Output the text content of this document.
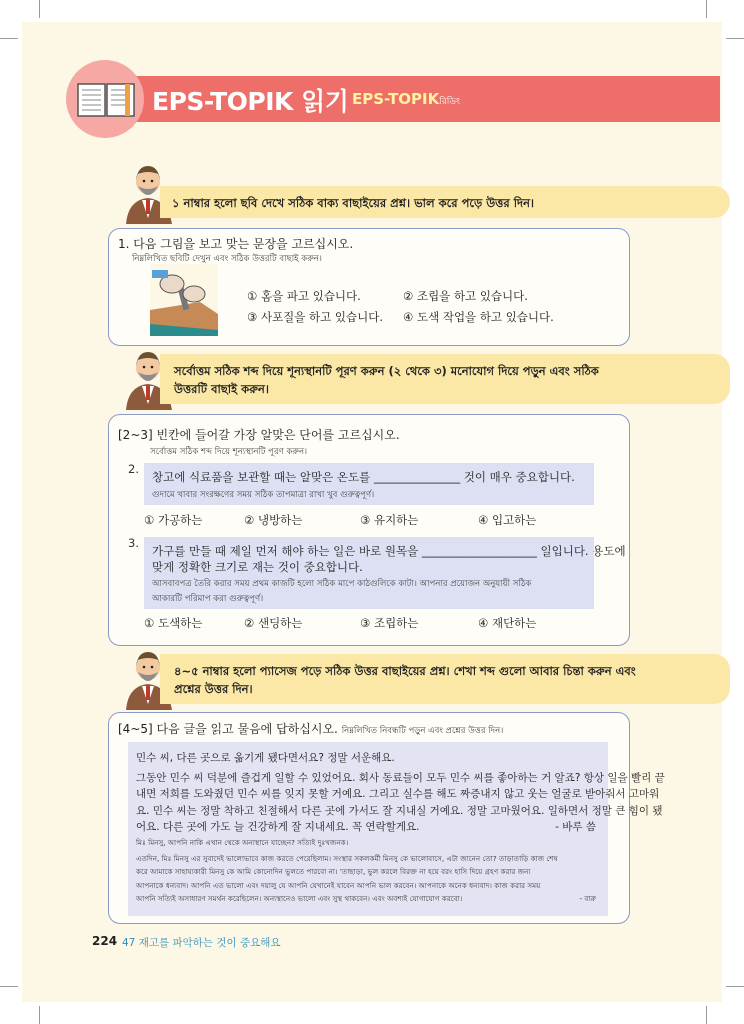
EPS-TOPIK 읽기 EPS-TOPIKরিডিং
১ নাম্বার হলো ছবি দেখে সঠিক বাক্য বাছাইয়ের প্রশ্ন। ভাল করে পড়ে উত্তর দিন।
1. 다음 그림을 보고 맞는 문장을 고르십시오.
নিম্নলিখিত ছবিটি দেখুন এবং সঠিক উত্তরটি বাছাই করুন।
① 홈을 파고 있습니다.	② 조립을 하고 있습니다.
③ 사포질을 하고 있습니다. ④ 도색 작업을 하고 있습니다.
সর্বোত্তম সঠিক শব্দ দিয়ে শূন্যস্থানটি পূরণ করুন (২ থেকে ৩) মনোযোগ দিয়ে পড়ুন এবং সঠিক
উত্তরটি বাছাই করুন।
[2~3] 빈칸에 들어갈 가장 알맞은 단어를 고르십시오.
সর্বোত্তম সঠিক শব্দ দিয়ে শূন্যস্থানটি পূরণ করুন।
2.
창고에 식료품을 보관할 때는 알맞은 온도를 _______________ 것이 매우 중요합니다.
গুদামে খাবার সংরক্ষণের সময় সঠিক তাপমাত্রা রাখা খুব গুরুত্বপূর্ণ।
① 가공하는	② 냉방하는	③ 유지하는	④ 입고하는
3.
가구를 만들 때 제일 먼저 해야 하는 일은 바로 원목을 ____________________ 일입니다. 용도에
맞게 정확한 크기로 재는 것이 중요합니다.
আসবাবপত্র তৈরি করার সময় প্রথম কাজটি হলো সঠিক মাপে কাঠগুলিকে কাটা। আপনার প্রয়োজন অনুযায়ী সঠিক
আকারটি পরিমাপ করা গুরুত্বপূর্ণ।
① 도색하는	② 샌딩하는	③ 조립하는	④ 재단하는
৪~৫ নাম্বার হলো প্যাসেজ পড়ে সঠিক উত্তর বাছাইয়ের প্রশ্ন। শেখা শব্দ গুলো আবার চিন্তা করুন এবং
প্রশ্নের উত্তর দিন।
[4~5] 다음 글을 읽고 물음에 답하십시오. নিম্নলিখিত নিবন্ধটি পড়ুন এবং প্রশ্নের উত্তর দিন।
민수 씨, 다른 곳으로 옮기게 됐다면서요? 정말 서운해요.
그동안 민수 씨 덕분에 즐겁게 일할 수 있었어요. 회사 동료들이 모두 민수 씨를 좋아하는 거 알죠? 항상 일을 빨리 끝
내면 저희를 도와줬던 민수 씨를 잊지 못할 거예요. 그리고 실수를 해도 짜증내지 않고 웃는 얼굴로 받아줘서 고마워
요. 민수 씨는 정말 착하고 친절해서 다른 곳에 가서도 잘 지내실 거예요. 정말 고마웠어요. 일하면서 정말 큰 힘이 됐
어요. 다른 곳에 가도 늘 건강하게 잘 지내세요. 꼭 연락할게요.	- 바루 씀
মিঃ মিনসু, আপনি নাকি এখান থেকে অন্যস্থানে যাচ্ছেন? সত্যিই দুঃখজনক।
এতদিন, মিঃ মিনসু এর সুবাদেই ভালোভাবে কাজ করতে পেরেছিলাম। সংস্থার সকলকর্মী মিনসু কে ভালোবাসে, এটা জানেন তো? তাড়াতাড়ি কাজ শেষ
করে আমাকে সাহায্যকারী মিনসু কে আমি কোনোদিন ভুলতে পারবো না। 'তাছাড়া, ভুল করলে বিরক্ত না হয়ে বরং হাসি দিয়ে গ্রহণ করার জন্য
আপনাকে ধন্যবাদ। আপনি এত ভালো এবং দয়ালু যে আপনি যেখানেই যাবেন আপনি ভাল করবেন। আপনাকে অনেক ধন্যবাদ। কাজ করার সময়
আপনি সত্যিই অসাধারণ সমর্থন করেছিলেন। অন্যস্থানেও ভালো এবং সুস্থ থাকবেন। এবং অবশ্যই যোগাযোগ করবো।	- বারু
224 47 재고를 파악하는 것이 중요해요
